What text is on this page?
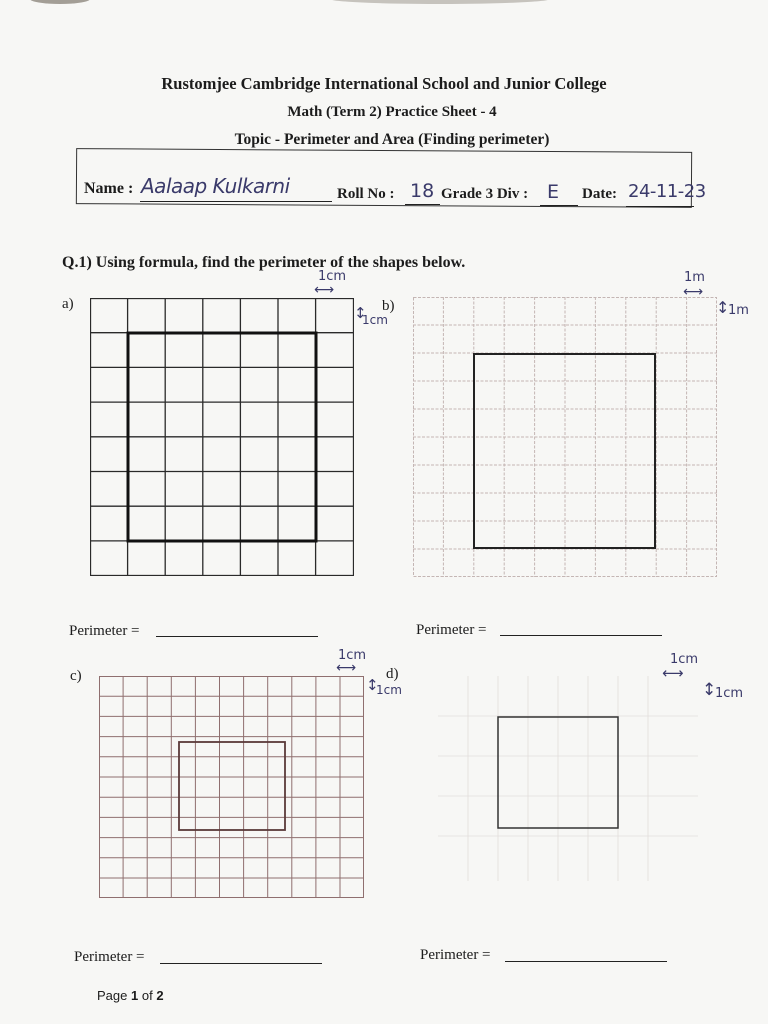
Rustomjee Cambridge International School and Junior College
Math (Term 2) Practice Sheet - 4
Topic - Perimeter and Area (Finding perimeter)
Name : Aalaap Kulkarni	Roll No : 18 Grade 3 Div : E Date: 24-11-23
Q.1) Using formula, find the perimeter of the shapes below.
a)
1cm
⟷
↕
1cm
Perimeter =
b)
1m
⟷
↕
1m
Perimeter =
c)
1cm
⟷
↕
d)
1cm
Perimeter =
1cm
⟷
↕
1cm
Perimeter =
Page 1 of 2
